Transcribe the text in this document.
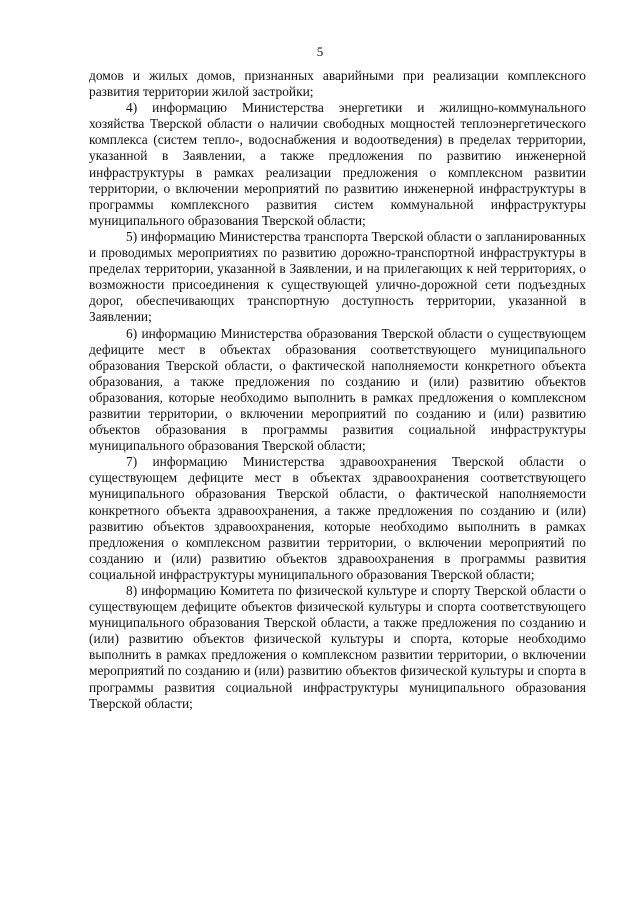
5

домов и жилых домов, признанных аварийными при реализации комплексного развития территории жилой застройки;

4) информацию Министерства энергетики и жилищно-коммунального хозяйства Тверской области о наличии свободных мощностей теплоэнергетического комплекса (систем тепло-, водоснабжения и водоотведения) в пределах территории, указанной в Заявлении, а также предложения по развитию инженерной инфраструктуры в рамках реализации предложения о комплексном развитии территории, о включении мероприятий по развитию инженерной инфраструктуры в программы комплексного развития систем коммунальной инфраструктуры муниципального образования Тверской области;

5) информацию Министерства транспорта Тверской области о запланированных и проводимых мероприятиях по развитию дорожно-транспортной инфраструктуры в пределах территории, указанной в Заявлении, и на прилегающих к ней территориях, о возможности присоединения к существующей улично-дорожной сети подъездных дорог, обеспечивающих транспортную доступность территории, указанной в Заявлении;

6) информацию Министерства образования Тверской области о существующем дефиците мест в объектах образования соответствующего муниципального образования Тверской области, о фактической наполняемости конкретного объекта образования, а также предложения по созданию и (или) развитию объектов образования, которые необходимо выполнить в рамках предложения о комплексном развитии территории, о включении мероприятий по созданию и (или) развитию объектов образования в программы развития социальной инфраструктуры муниципального образования Тверской области;

7) информацию Министерства здравоохранения Тверской области о существующем дефиците мест в объектах здравоохранения соответствующего муниципального образования Тверской области, о фактической наполняемости конкретного объекта здравоохранения, а также предложения по созданию и (или) развитию объектов здравоохранения, которые необходимо выполнить в рамках предложения о комплексном развитии территории, о включении мероприятий по созданию и (или) развитию объектов здравоохранения в программы развития социальной инфраструктуры муниципального образования Тверской области;

8) информацию Комитета по физической культуре и спорту Тверской области о существующем дефиците объектов физической культуры и спорта соответствующего муниципального образования Тверской области, а также предложения по созданию и (или) развитию объектов физической культуры и спорта, которые необходимо выполнить в рамках предложения о комплексном развитии территории, о включении мероприятий по созданию и (или) развитию объектов физической культуры и спорта в программы развития социальной инфраструктуры муниципального образования Тверской области;
